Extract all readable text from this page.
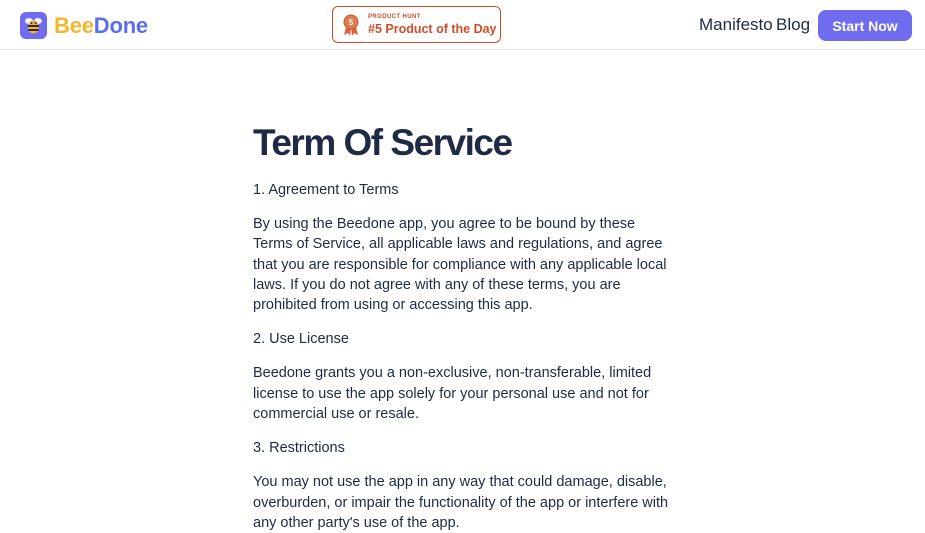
BeeDone	5
PRODUCT HUNT
#5 Product of the Day	Manifesto Blog	Start Now
Term Of Service

1. Agreement to Terms

By using the Beedone app, you agree to be bound by these Terms of Service, all applicable laws and regulations, and agree that you are responsible for compliance with any applicable local laws. If you do not agree with any of these terms, you are prohibited from using or accessing this app.

2. Use License

Beedone grants you a non-exclusive, non-transferable, limited license to use the app solely for your personal use and not for commercial use or resale.

3. Restrictions

You may not use the app in any way that could damage, disable, overburden, or impair the functionality of the app or interfere with any other party's use of the app.
